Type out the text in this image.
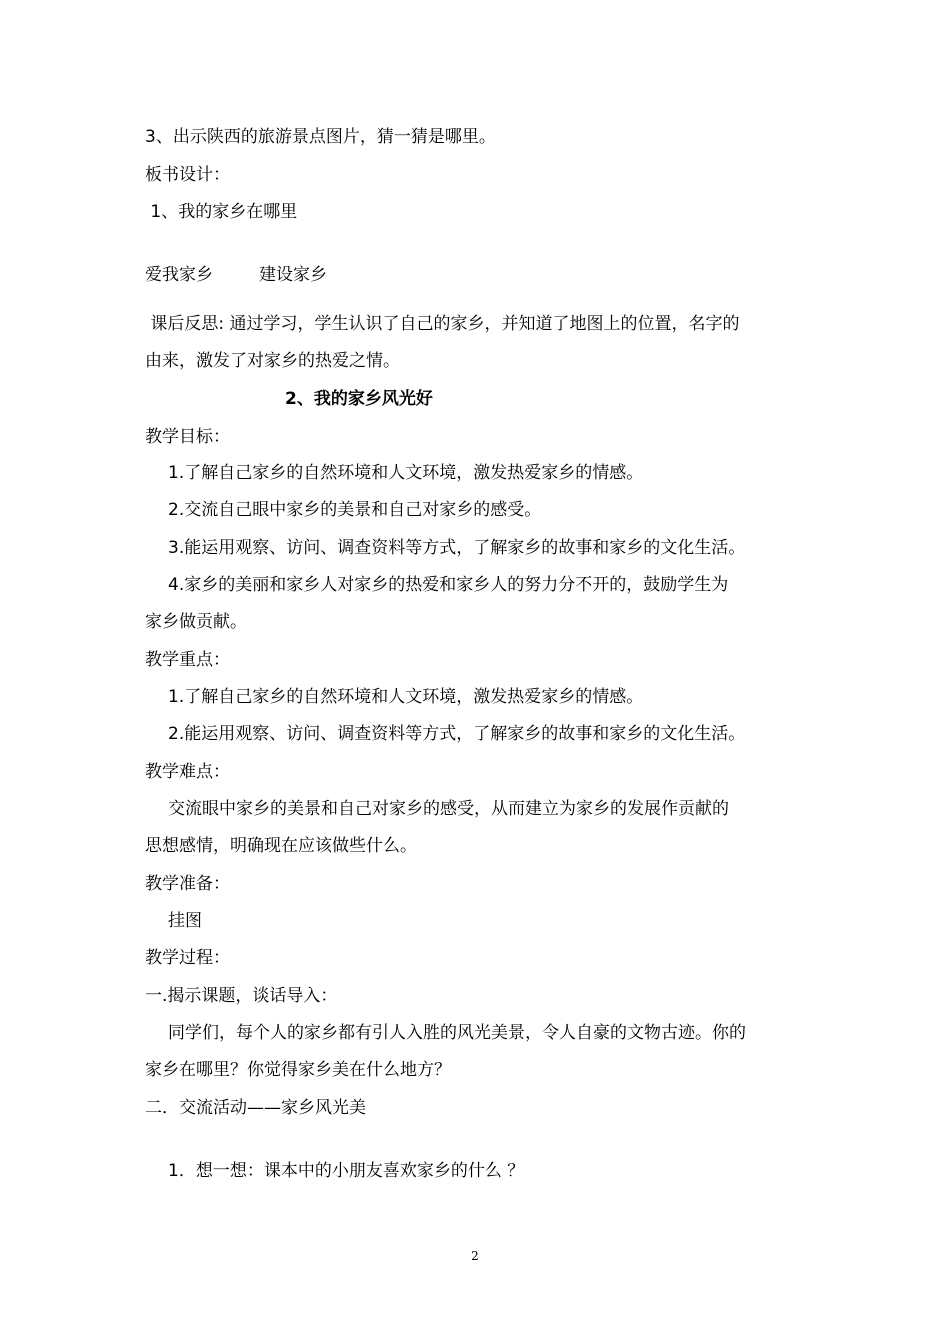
3、出示陕西的旅游景点图片，猜一猜是哪里。
板书设计：
1、我的家乡在哪里
爱我家乡	建设家乡
课后反思: 通过学习，学生认识了自己的家乡，并知道了地图上的位置，名字的
由来，激发了对家乡的热爱之情。
2、我的家乡风光好
教学目标：
1.了解自己家乡的自然环境和人文环境，激发热爱家乡的情感。
2.交流自己眼中家乡的美景和自己对家乡的感受。
3.能运用观察、访问、调查资料等方式，了解家乡的故事和家乡的文化生活。
4.家乡的美丽和家乡人对家乡的热爱和家乡人的努力分不开的，鼓励学生为
家乡做贡献。
教学重点：
1.了解自己家乡的自然环境和人文环境，激发热爱家乡的情感。
2.能运用观察、访问、调查资料等方式，了解家乡的故事和家乡的文化生活。
教学难点：
交流眼中家乡的美景和自己对家乡的感受，从而建立为家乡的发展作贡献的
思想感情，明确现在应该做些什么。
教学准备：
挂图
教学过程：
一.揭示课题，谈话导入：
同学们，每个人的家乡都有引人入胜的风光美景，令人自豪的文物古迹。你的
家乡在哪里？你觉得家乡美在什么地方？
二．交流活动——家乡风光美
1．想一想：课本中的小朋友喜欢家乡的什么 ？
2
